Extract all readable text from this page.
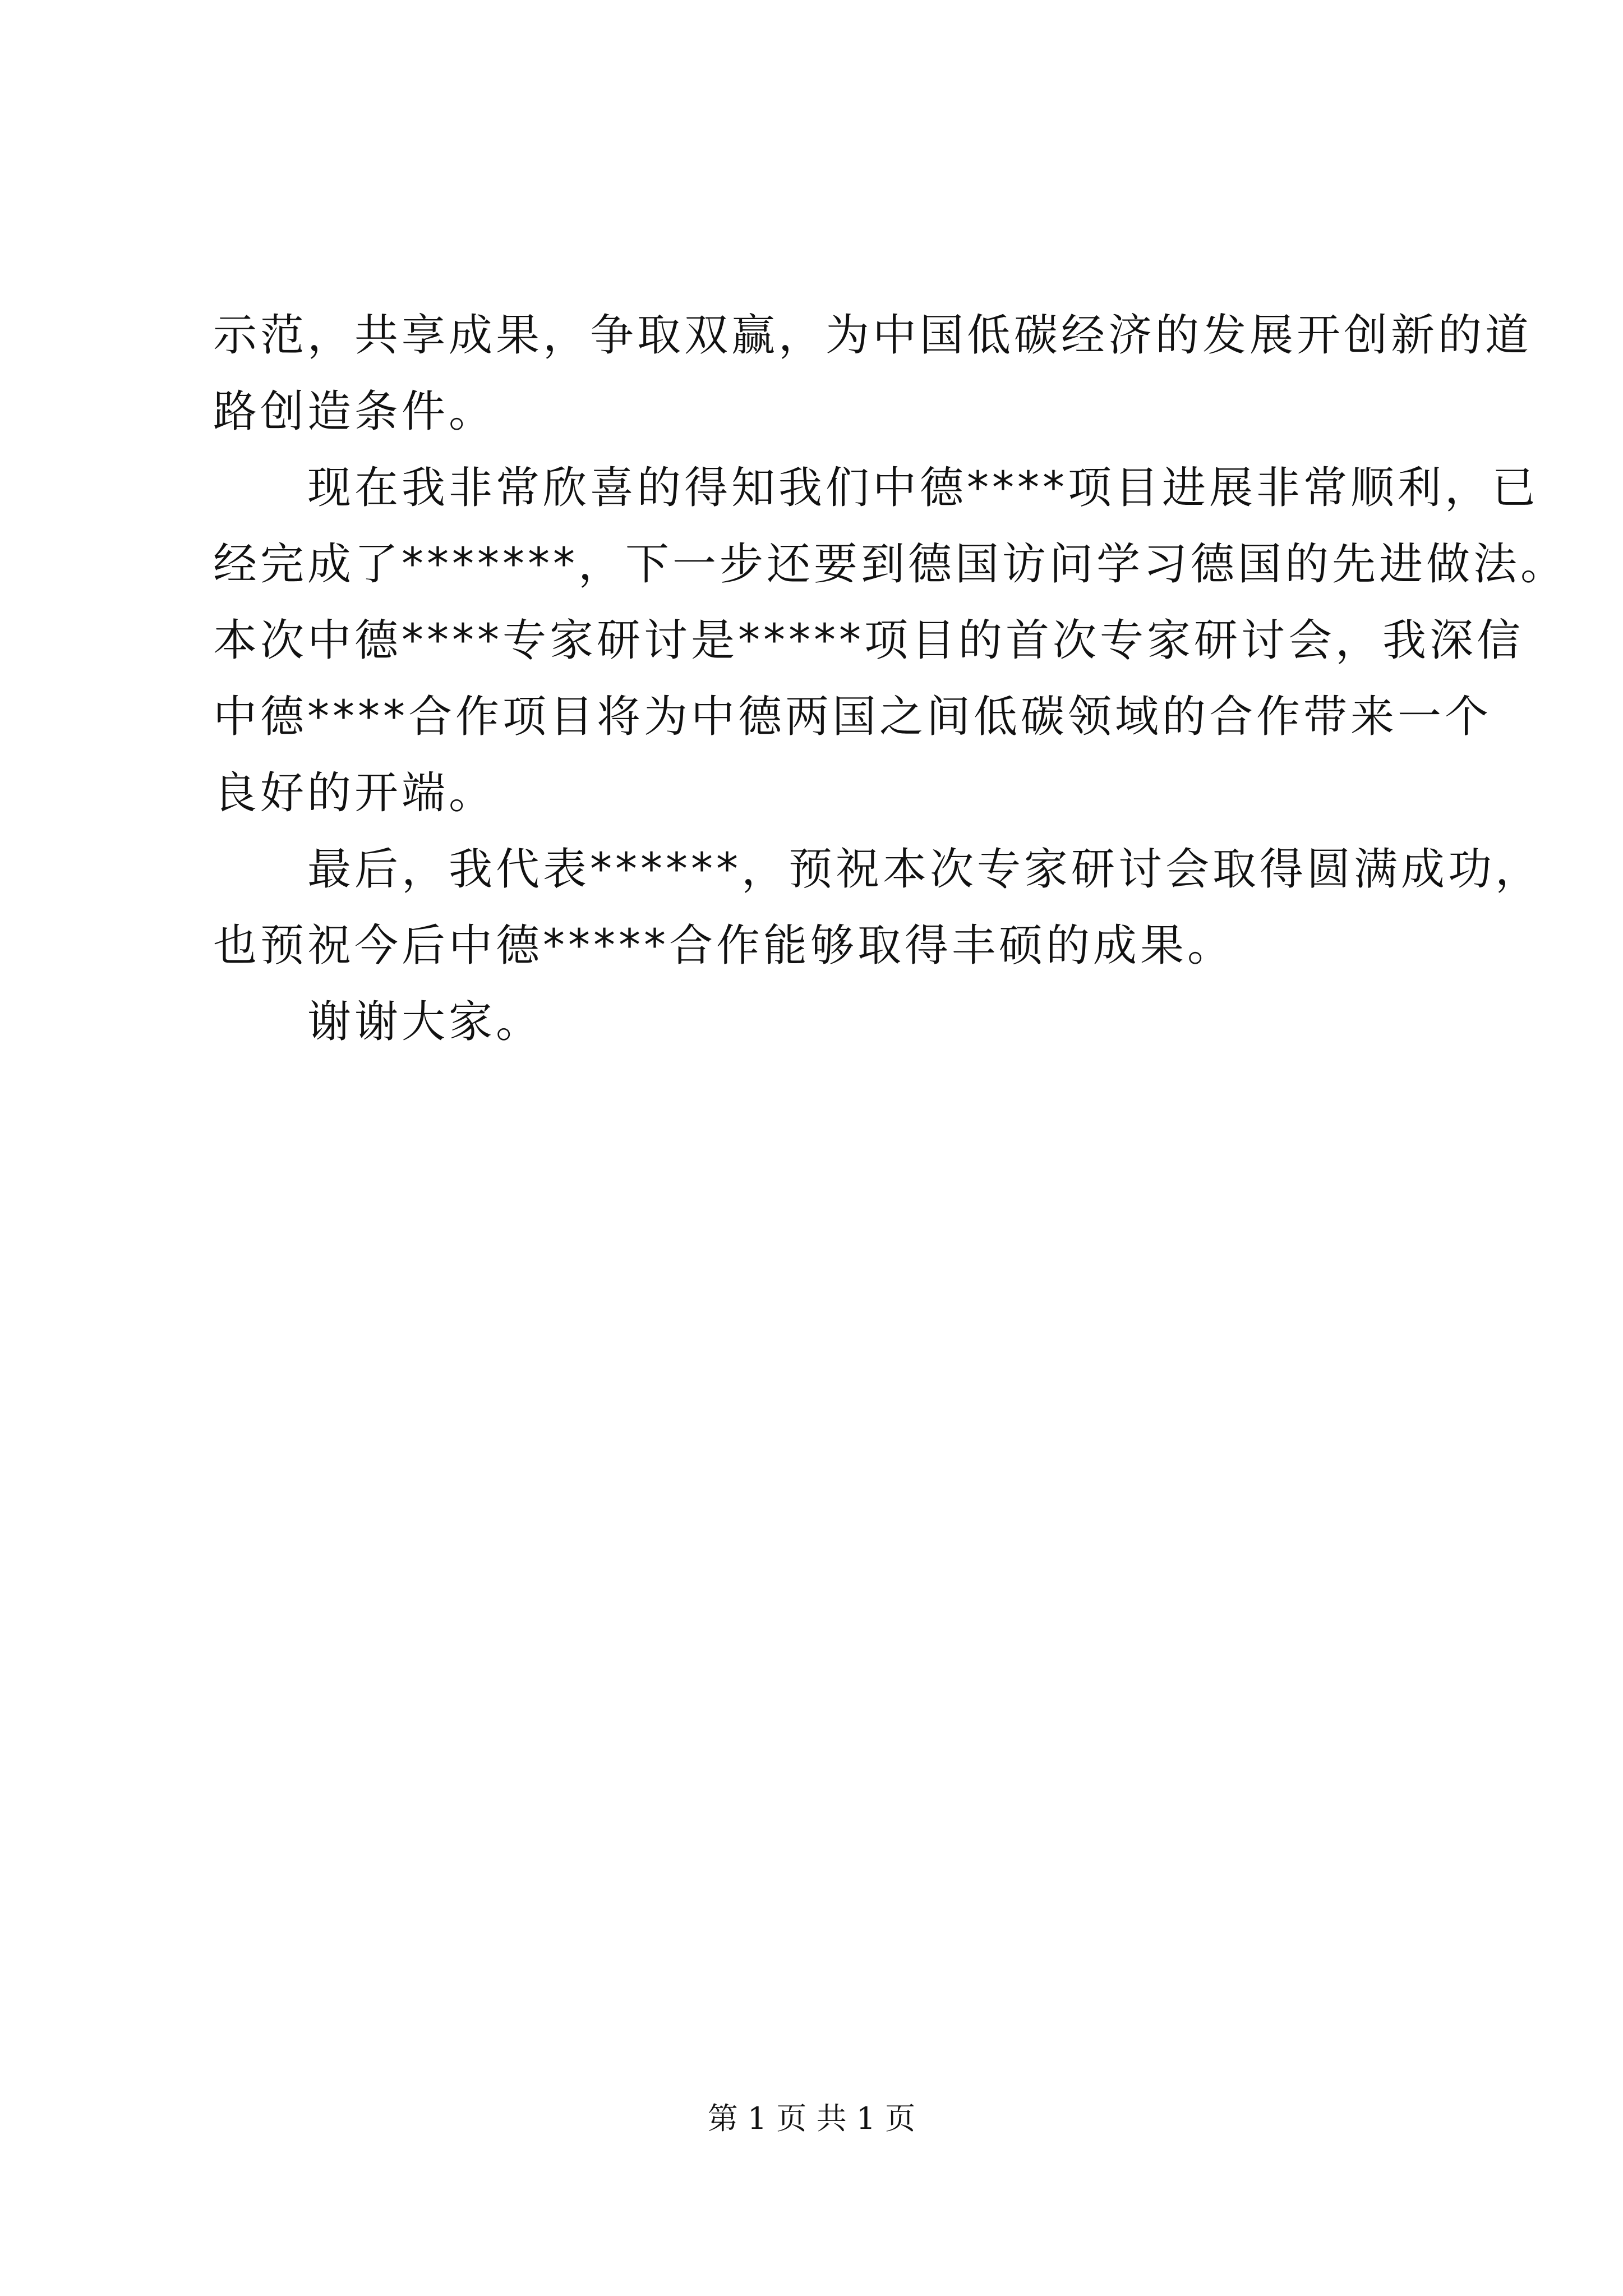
示范，共享成果，争取双赢，为中国低碳经济的发展开创新的道
路创造条件。
现在我非常欣喜的得知我们中德****项目进展非常顺利，已
经完成了*******，下一步还要到德国访问学习德国的先进做法。
本次中德****专家研讨是*****项目的首次专家研讨会，我深信
中德****合作项目将为中德两国之间低碳领域的合作带来一个
良好的开端。
最后，我代表******，预祝本次专家研讨会取得圆满成功，
也预祝今后中德*****合作能够取得丰硕的成果。
谢谢大家。
第 1 页 共 1 页
